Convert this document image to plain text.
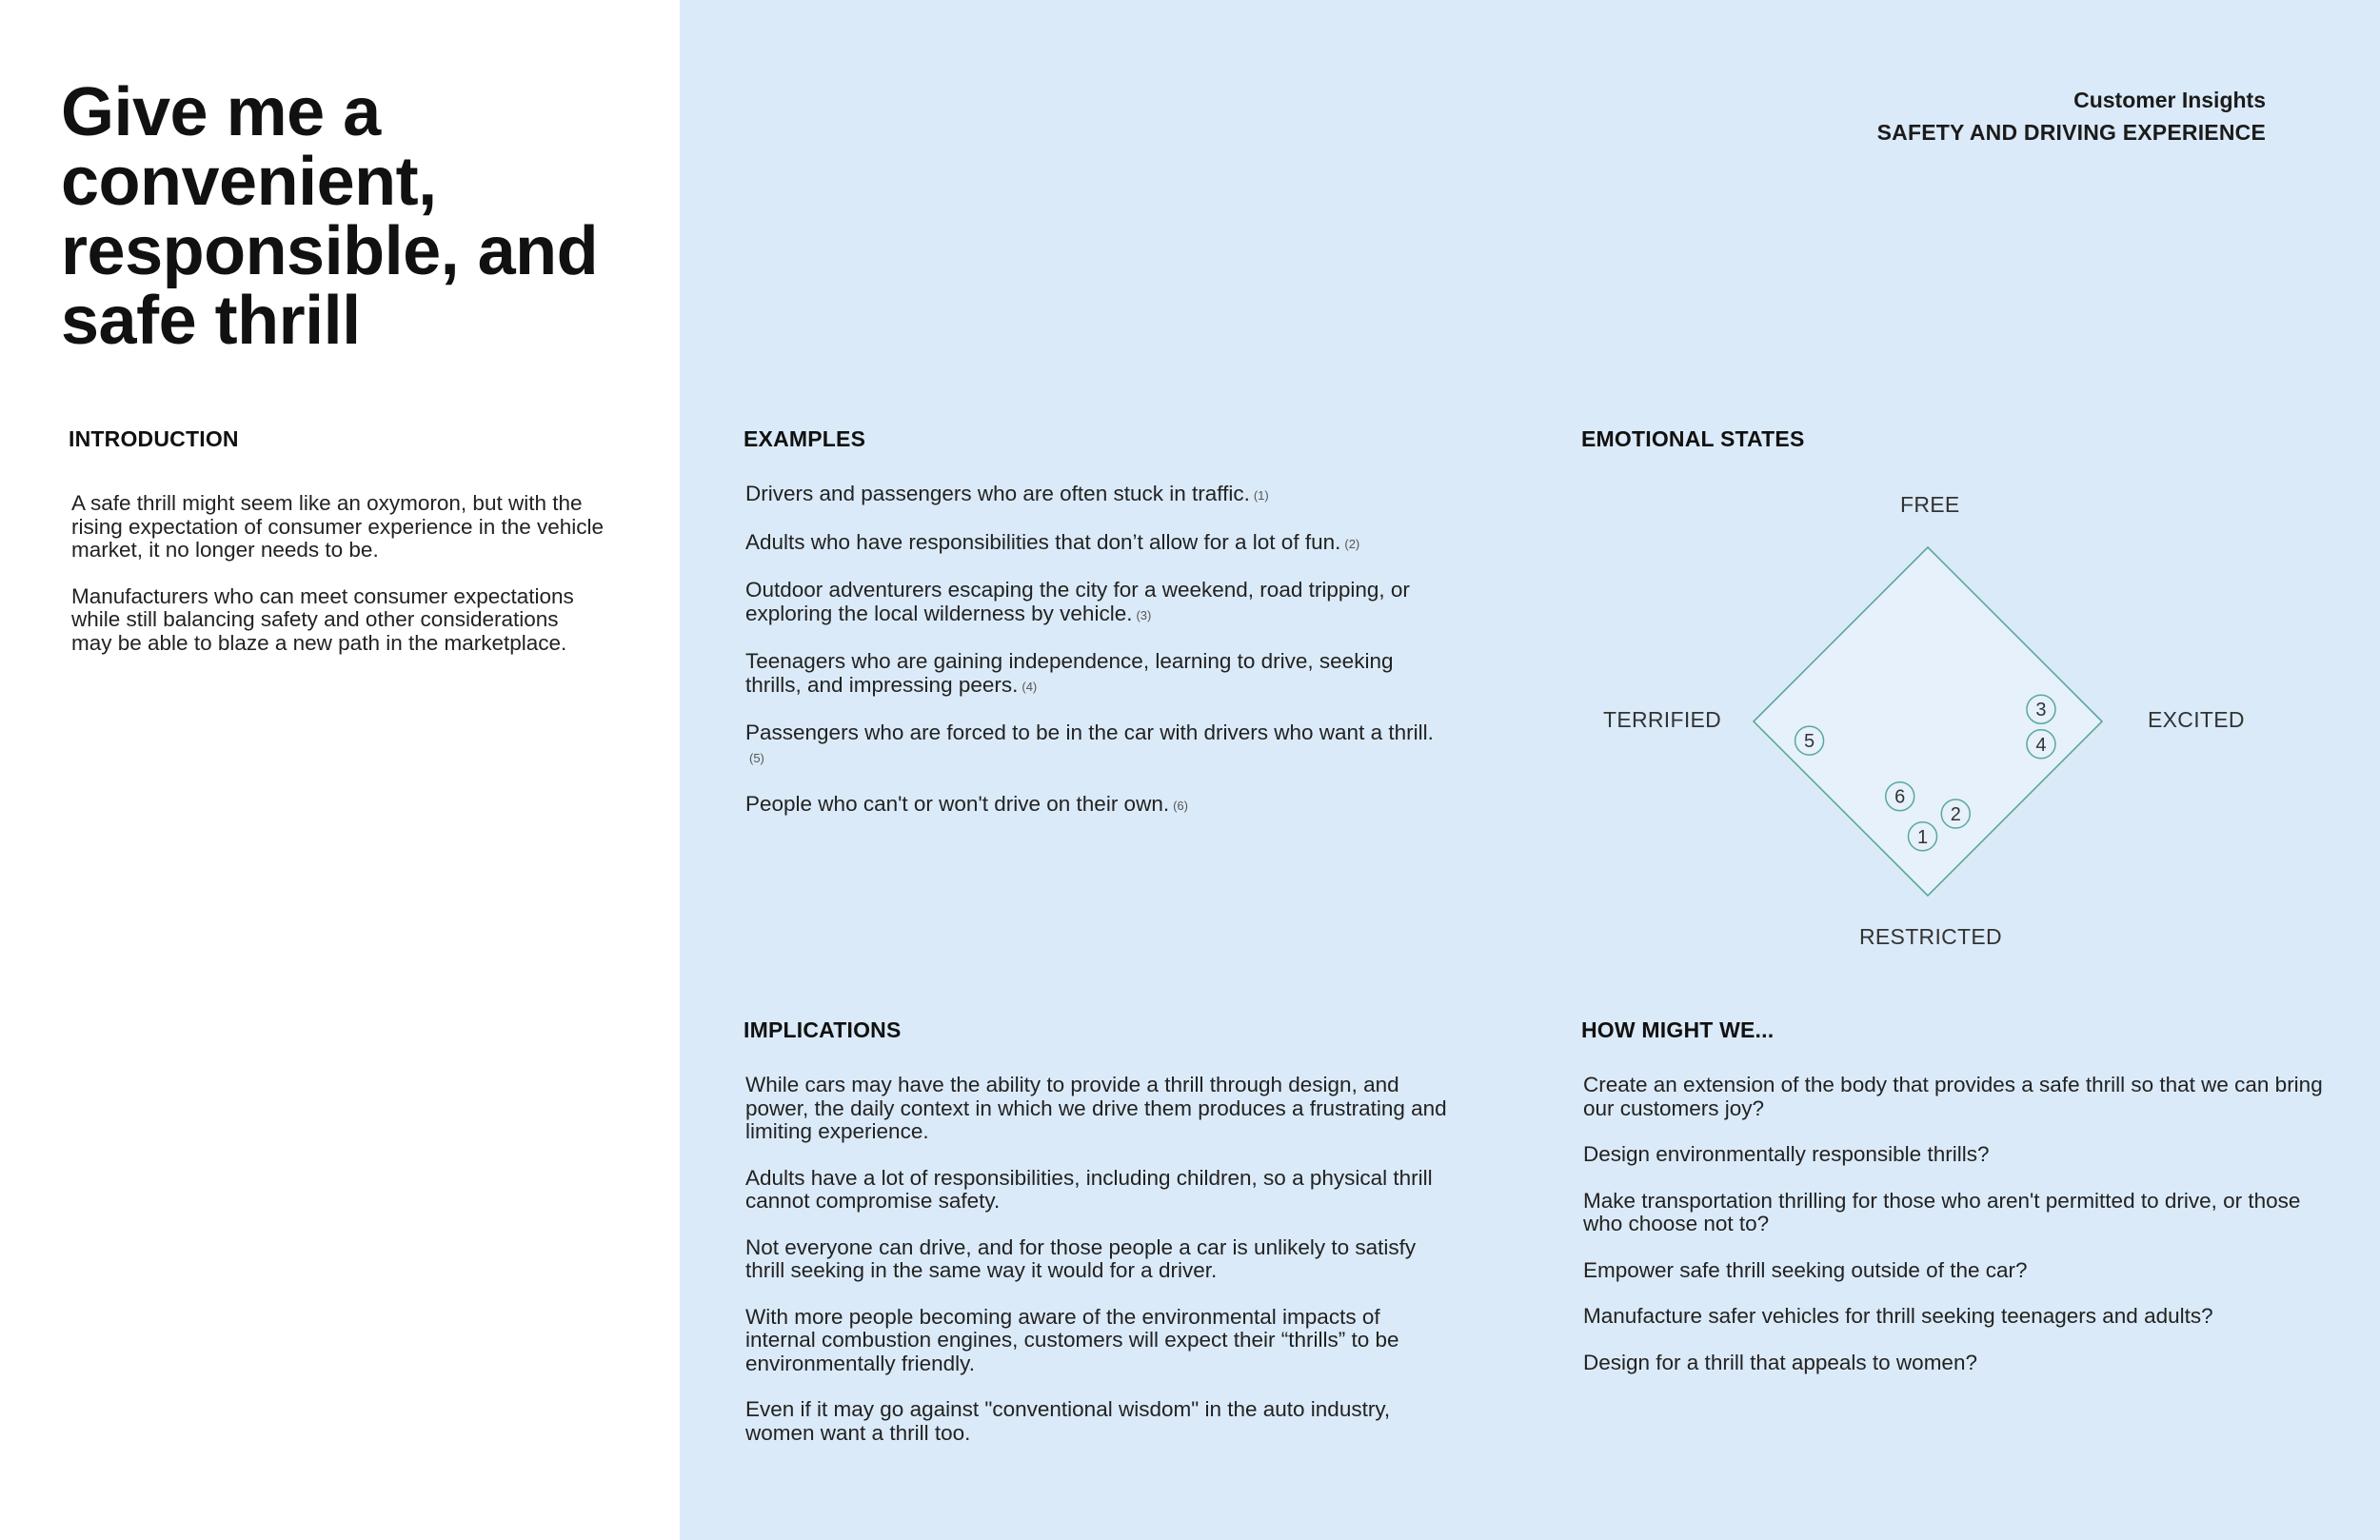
Give me a convenient, responsible, and safe thrill
Customer Insights
SAFETY AND DRIVING EXPERIENCE
INTRODUCTION

A safe thrill might seem like an oxymoron, but with the rising expectation of consumer experience in the vehicle market, it no longer needs to be.

Manufacturers who can meet consumer expectations while still balancing safety and other considerations may be able to blaze a new path in the marketplace.

EXAMPLES

Drivers and passengers who are often stuck in traffic. (1)

Adults who have responsibilities that don’t allow for a lot of fun. (2)

Outdoor adventurers escaping the city for a weekend, road tripping, or exploring the local wilderness by vehicle. (3)

Teenagers who are gaining independence, learning to drive, seeking thrills, and impressing peers. (4)

Passengers who are forced to be in the car with drivers who want a thrill.(5)

People who can't or won't drive on their own. (6)

EMOTIONAL STATES
1
2
3
4
5
6
FREE
RESTRICTED
TERRIFIED	EXCITED
IMPLICATIONS

While cars may have the ability to provide a thrill through design, and power, the daily context in which we drive them produces a frustrating and limiting experience.

Adults have a lot of responsibilities, including children, so a physical thrill cannot compromise safety.

Not everyone can drive, and for those people a car is unlikely to satisfy thrill seeking in the same way it would for a driver.

With more people becoming aware of the environmental impacts of internal combustion engines, customers will expect their “thrills” to be environmentally friendly.

Even if it may go against "conventional wisdom" in the auto industry, women want a thrill too.

HOW MIGHT WE...

Create an extension of the body that provides a safe thrill so that we can bring our customers joy?

Design environmentally responsible thrills?

Make transportation thrilling for those who aren't permitted to drive, or those who choose not to?

Empower safe thrill seeking outside of the car?

Manufacture safer vehicles for thrill seeking teenagers and adults?

Design for a thrill that appeals to women?
